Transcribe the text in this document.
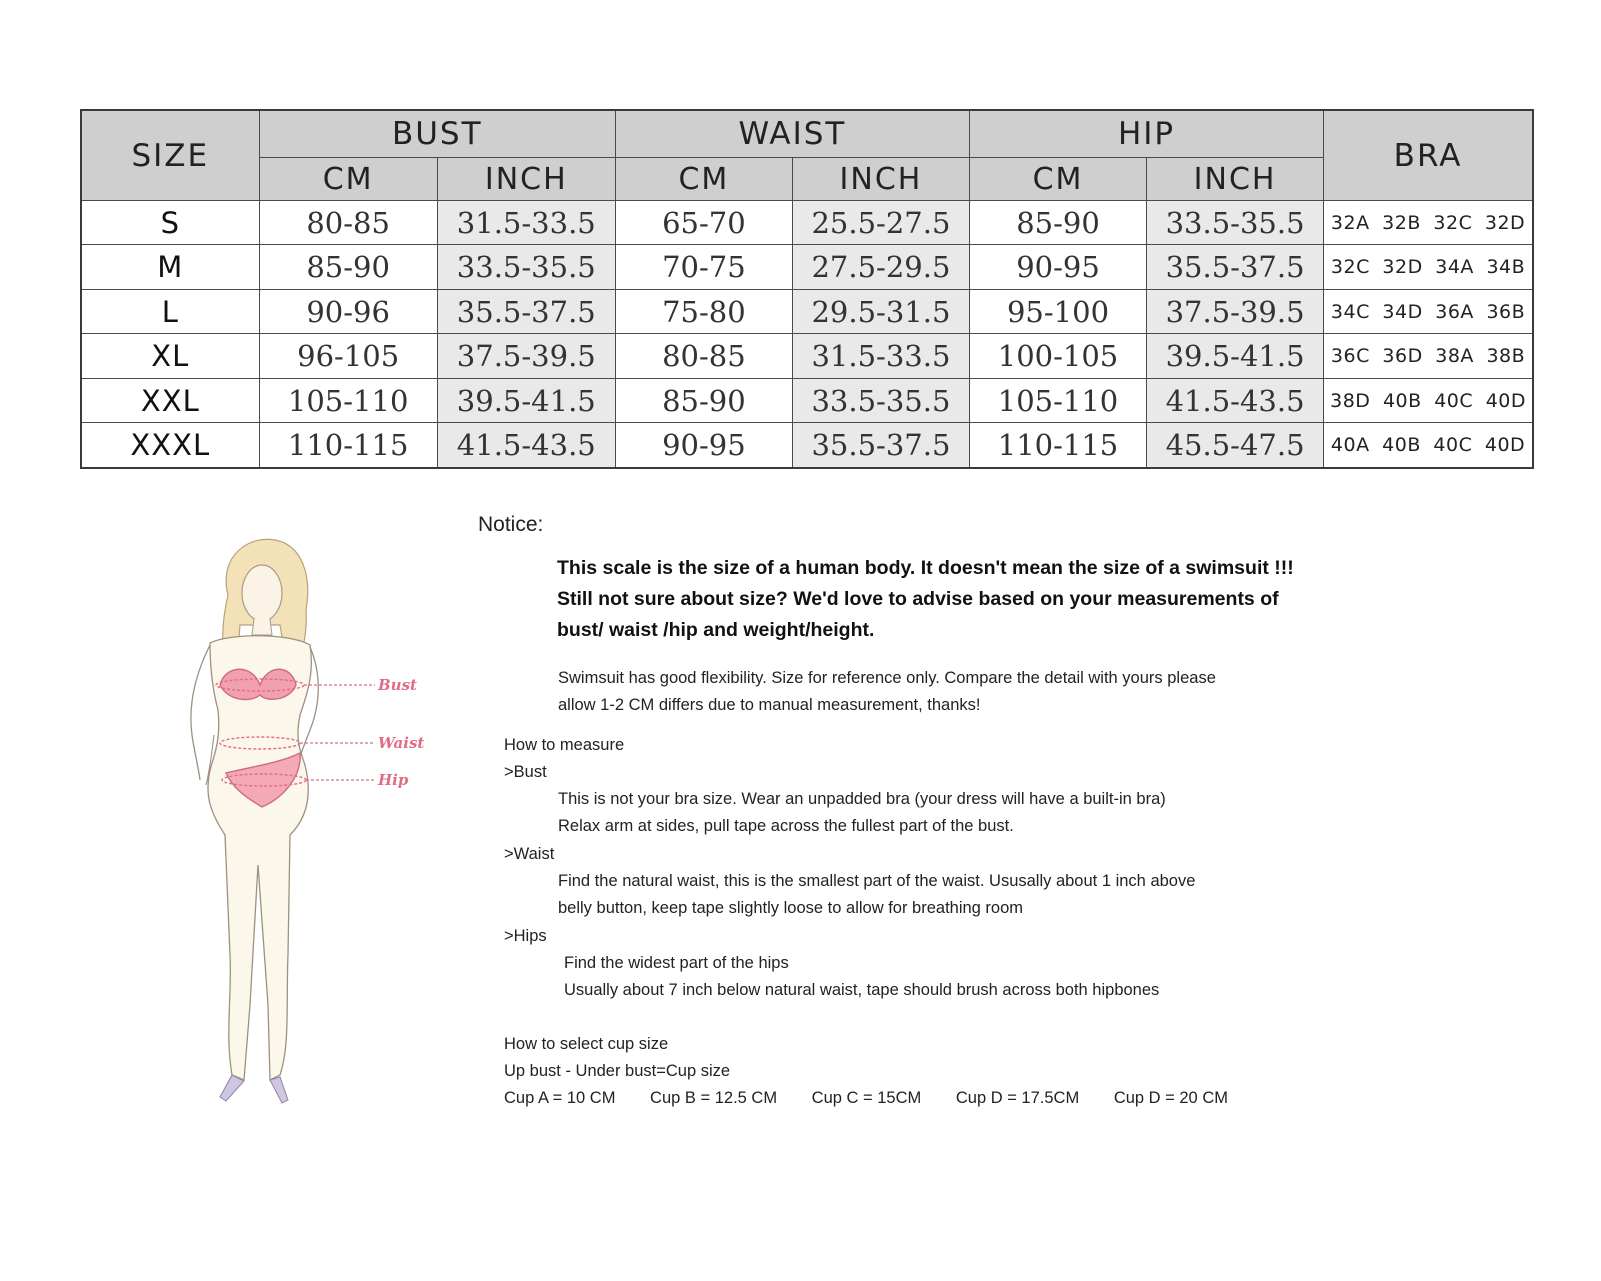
SIZE	BUST		WAIST		HIP		BRA
	CM	INCH	CM	INCH	CM	INCH	
S	80-85	31.5-33.5	65-70	25.5-27.5	85-90	33.5-35.5	32A 32B 32C 32D
M	85-90	33.5-35.5	70-75	27.5-29.5	90-95	35.5-37.5	32C 32D 34A 34B
L	90-96	35.5-37.5	75-80	29.5-31.5	95-100	37.5-39.5	34C 34D 36A 36B
XL	96-105	37.5-39.5	80-85	31.5-33.5	100-105	39.5-41.5	36C 36D 38A 38B
XXL	105-110	39.5-41.5	85-90	33.5-35.5	105-110	41.5-43.5	38D 40B 40C 40D
XXXL	110-115	41.5-43.5	90-95	35.5-37.5	110-115	45.5-47.5	40A 40B 40C 40D
Bust
Waist
Hip

Notice:

This scale is the size of a human body. It doesn't mean the size of a swimsuit !!!

Still not sure about size? We'd love to advise based on your measurements of

bust/ waist /hip and weight/height.

Swimsuit has good flexibility. Size for reference only. Compare the detail with yours please

allow 1-2 CM differs due to manual measurement, thanks!

How to measure

>Bust

This is not your bra size. Wear an unpadded bra (your dress will have a built-in bra)

Relax arm at sides, pull tape across the fullest part of the bust.

>Waist

Find the natural waist, this is the smallest part of the waist. Ususally about 1 inch above

belly button, keep tape slightly loose to allow for breathing room

>Hips

Find the widest part of the hips

Usually about 7 inch below natural waist, tape should brush across both hipbones

How to select cup size

Up bust - Under bust=Cup size

Cup A = 10 CM Cup B = 12.5 CM Cup C = 15CM Cup D = 17.5CM Cup D = 20 CM
